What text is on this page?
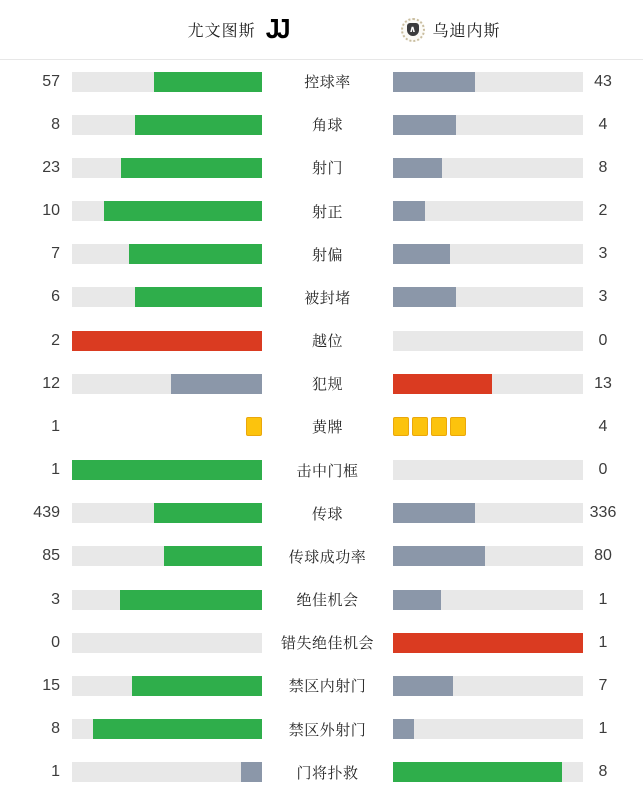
尤文图斯 JJ	∧ 乌迪内斯
57	控球率	43
8	角球	4
23	射门	8
10	射正	2
7	射偏	3
6	被封堵	3
2	越位	0
12	犯规	13
1	黄牌	4
1	击中门框	0
439	传球	336
85	传球成功率	80
3	绝佳机会	1
0	错失绝佳机会	1
15	禁区内射门	7
8	禁区外射门	1
1	门将扑救	8
